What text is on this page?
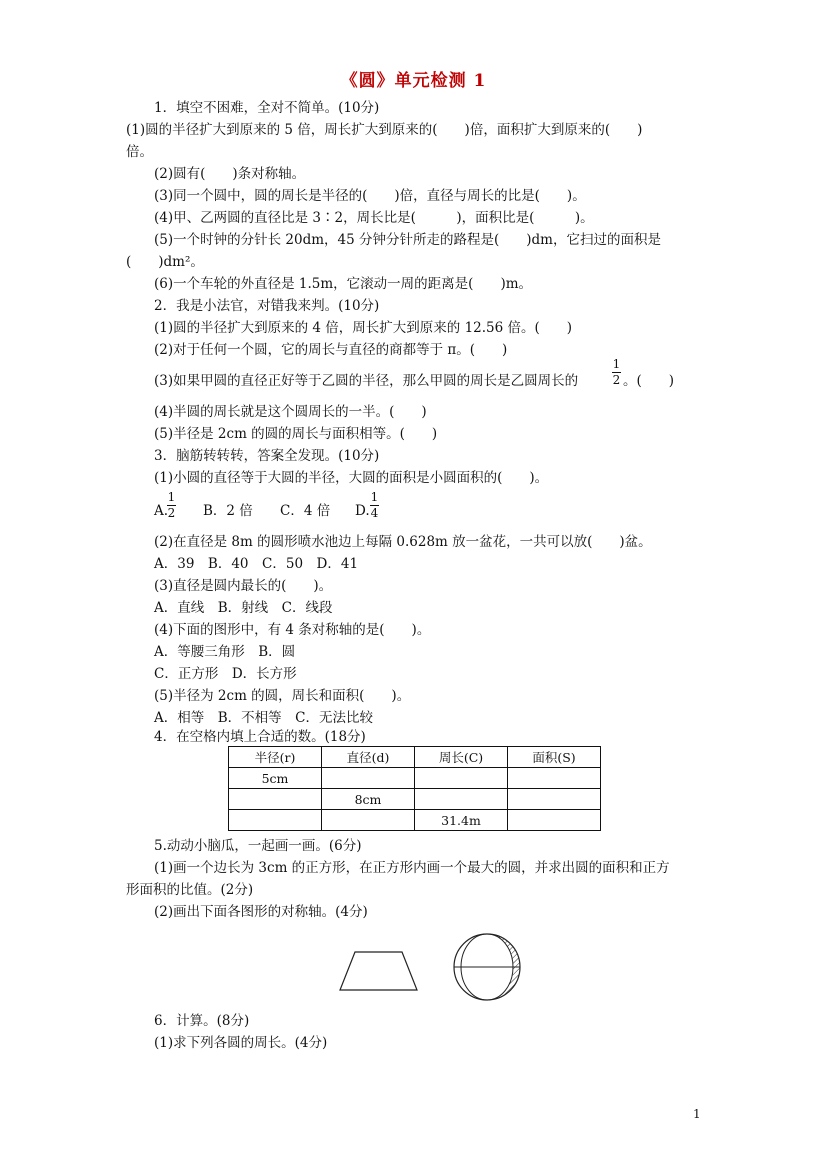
《圆》单元检测 1
1．填空不困难，全对不简单。(10分)
(1)圆的半径扩大到原来的 5 倍，周长扩大到原来的(　　)倍，面积扩大到原来的(　　)
倍。
(2)圆有(　　)条对称轴。
(3)同一个圆中，圆的周长是半径的(　　)倍，直径与周长的比是(　　)。
(4)甲、乙两圆的直径比是 3∶2，周长比是(　　　)，面积比是(　　　)。
(5)一个时钟的分针长 20dm，45 分钟分针所走的路程是(　　)dm，它扫过的面积是
(　　)dm²。
(6)一个车轮的外直径是 1.5m，它滚动一周的距离是(　　)m。
2．我是小法官，对错我来判。(10分)
(1)圆的半径扩大到原来的 4 倍，周长扩大到原来的 12.56 倍。(　　)
(2)对于任何一个圆，它的周长与直径的商都等于 π。(　　)
(3)如果甲圆的直径正好等于乙圆的半径，那么甲圆的周长是乙圆周长的
1
2 。(　　)
(4)半圆的周长就是这个圆周长的一半。(　　)
(5)半径是 2cm 的圆的周长与面积相等。(　　)
3．脑筋转转转，答案全发现。(10分)
(1)小圆的直径等于大圆的半径，大圆的面积是小圆面积的(　　)。
A.
1
2 B．2 倍 C．4 倍 D.
1
4
(2)在直径是 8m 的圆形喷水池边上每隔 0.628m 放一盆花，一共可以放(　　)盆。
A．39　B．40　C．50　D．41
(3)直径是圆内最长的(　　)。
A．直线　B．射线　C．线段
(4)下面的图形中，有 4 条对称轴的是(　　)。
A．等腰三角形　B．圆
C．正方形　D．长方形
(5)半径为 2cm 的圆，周长和面积(　　)。
A．相等　B．不相等　C．无法比较
4．在空格内填上合适的数。(18分)
半径(r)	直径(d)	周长(C)	面积(S)
5cm			
	8cm		
		31.4m	
5.动动小脑瓜，一起画一画。(6分)
(1)画一个边长为 3cm 的正方形，在正方形内画一个最大的圆，并求出圆的面积和正方
形面积的比值。(2分)
(2)画出下面各图形的对称轴。(4分)
6．计算。(8分)
(1)求下列各圆的周长。(4分)
1
